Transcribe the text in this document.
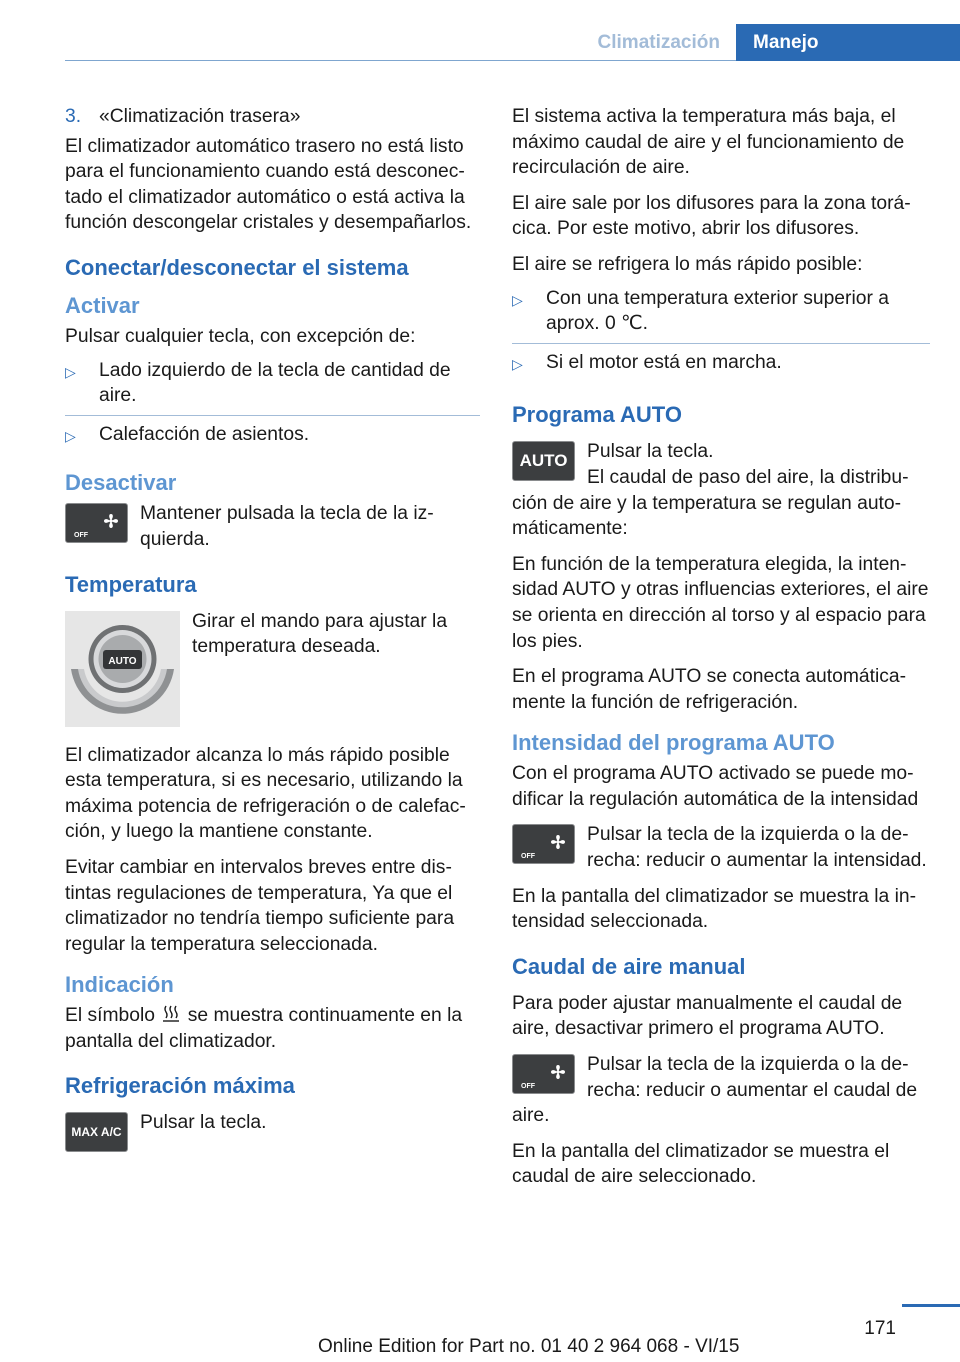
Climatización	Manejo
3. «Climatización trasera»

El climatizador automático trasero no está listo para el funcionamiento cuando está desconectado el climatizador automático o está activa la función descongelar cristales y desempañarlos.

Conectar/desconectar el sistema
Activar

Pulsar cualquier tecla, con excepción de:

▷	Lado izquierdo de la tecla de cantidad de aire.
▷	Calefacción de asientos.
Desactivar
OFF
Mantener pulsada la tecla de la izquierda.
Temperatura
AUTO
Girar el mando para ajustar la temperatura deseada.

El climatizador alcanza lo más rápido posible esta temperatura, si es necesario, utilizando la máxima potencia de refrigeración o de calefacción, y luego la mantiene constante.

Evitar cambiar en intervalos breves entre distintas regulaciones de temperatura, Ya que el climatizador no tendría tiempo suficiente para regular la temperatura seleccionada.

Indicación

El símbolo se muestra continuamente en la pantalla del climatizador.

Refrigeración máxima
MAX A/C Pulsar la tecla.

El sistema activa la temperatura más baja, el máximo caudal de aire y el funcionamiento de recirculación de aire.

El aire sale por los difusores para la zona torácica. Por este motivo, abrir los difusores.

El aire se refrigera lo más rápido posible:

▷	Con una temperatura exterior superior a aprox. 0 ℃.
▷	Si el motor está en marcha.
Programa AUTO
AUTO	Pulsar la tecla.

El caudal de paso del aire, la distribución de aire y la temperatura se regulan automáticamente:

En función de la temperatura elegida, la intensidad AUTO y otras influencias exteriores, el aire se orienta en dirección al torso y al espacio para los pies.

En el programa AUTO se conecta automáticamente la función de refrigeración.

Intensidad del programa AUTO

Con el programa AUTO activado se puede modificar la regulación automática de la intensidad

OFF
Pulsar la tecla de la izquierda o la derecha: reducir o aumentar la intensidad.

En la pantalla del climatizador se muestra la intensidad seleccionada.

Caudal de aire manual

Para poder ajustar manualmente el caudal de aire, desactivar primero el programa AUTO.

OFF
Pulsar la tecla de la izquierda o la derecha: reducir o aumentar el caudal de aire.

En la pantalla del climatizador se muestra el caudal de aire seleccionado.

171
Online Edition for Part no. 01 40 2 964 068 - VI/15
